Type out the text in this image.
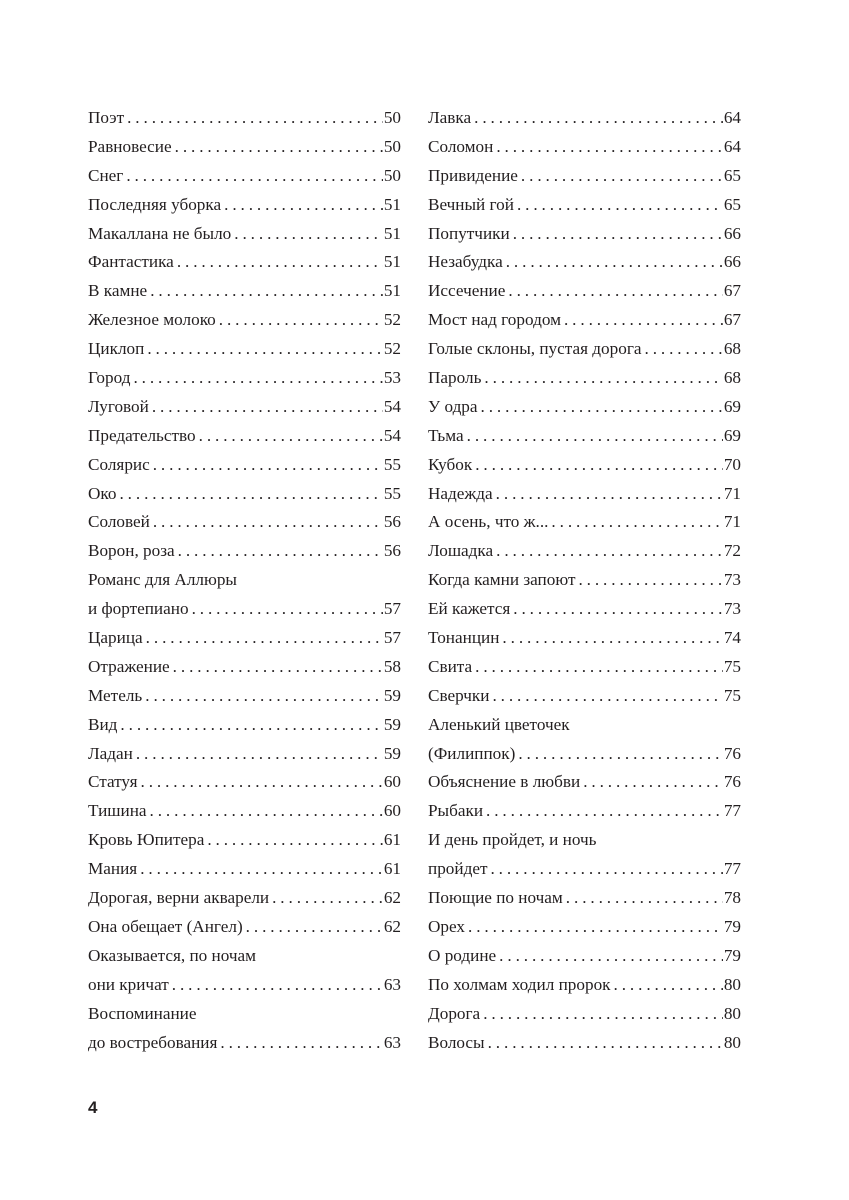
Поэт .....	50
Равновесие .....	50
Снег .....	50
Последняя уборка .....	51
Макаллана не было .....	51
Фантастика .....	51
В камне .....	51
Железное молоко .....	52
Циклоп .....	52
Город .....	53
Луговой .....	54
Предательство .....	54
Солярис .....	55
Око .....	55
Соловей .....	56
Ворон, роза .....	56
Романс для Аллюры
и фортепиано .....	57
Царица .....	57
Отражение .....	58
Метель .....	59
Вид .....	59
Ладан .....	59
Статуя .....	60
Тишина .....	60
Кровь Юпитера .....	61
Мания .....	61
Дорогая, верни акварели .....	62
Она обещает (Ангел) .....	62
Оказывается, по ночам
они кричат .....	63
Воспоминание
до востребования .....	63
Лавка .....	64
Соломон .....	64
Привидение .....	65
Вечный гой .....	65
Попутчики .....	66
Незабудка .....	66
Иссечение .....	67
Мост над городом .....	67
Голые склоны, пустая дорога .....	68
Пароль .....	68
У одра .....	69
Тьма .....	69
Кубок .....	70
Надежда .....	71
А осень, что ж... .....	71
Лошадка .....	72
Когда камни запоют .....	73
Ей кажется .....	73
Тонанцин .....	74
Свита .....	75
Сверчки .....	75
Аленький цветочек
(Филиппок) .....	76
Объяснение в любви .....	76
Рыбаки .....	77
И день пройдет, и ночь
пройдет .....	77
Поющие по ночам .....	78
Орех .....	79
О родине .....	79
По холмам ходил пророк .....	80
Дорога .....	80
Волосы .....	80
4
